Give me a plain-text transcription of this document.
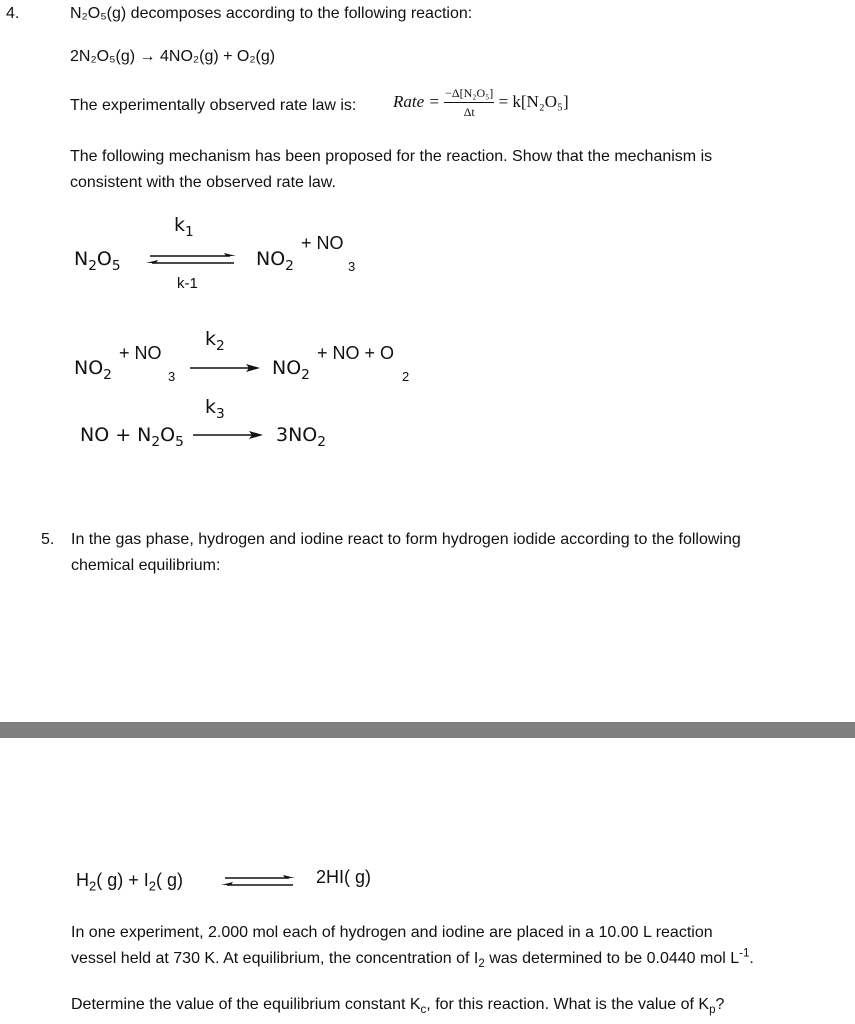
4.	N₂O₅(g) decomposes according to the following reaction:
2N₂O₅(g) → 4NO₂(g) + O₂(g)
The experimentally observed rate law is: Rate = $\frac{\text{−Δ[N₂O₅]}}{\Delta t} = k[N_2O_5]$
The following mechanism has been proposed for the reaction. Show that the mechanism is
consistent with the observed rate law.
$N_2O_5$
$k_1$
k-1
$NO_2$
+ NO
3
$NO_2$
+ NO
3
$k_2$
$NO_2$
+ NO + O
2
NO + $N_2O_5$
$k_3$
$3NO_2$
5. In the gas phase, hydrogen and iodine react to form hydrogen iodide according to the following
chemical equilibrium:
$H_2$( $g) + I_2$( g)	2HI( g)
In one experiment, 2.000 mol each of hydrogen and iodine are placed in a 10.00 L reaction
vessel held at 730 K. At equilibrium, the concentration of $I_2$ was determined to be 0.0440 mol $L^{-1}$.
Determine the value of the equilibrium constant $K_c$, for this reaction. What is the value of $K_p$?
